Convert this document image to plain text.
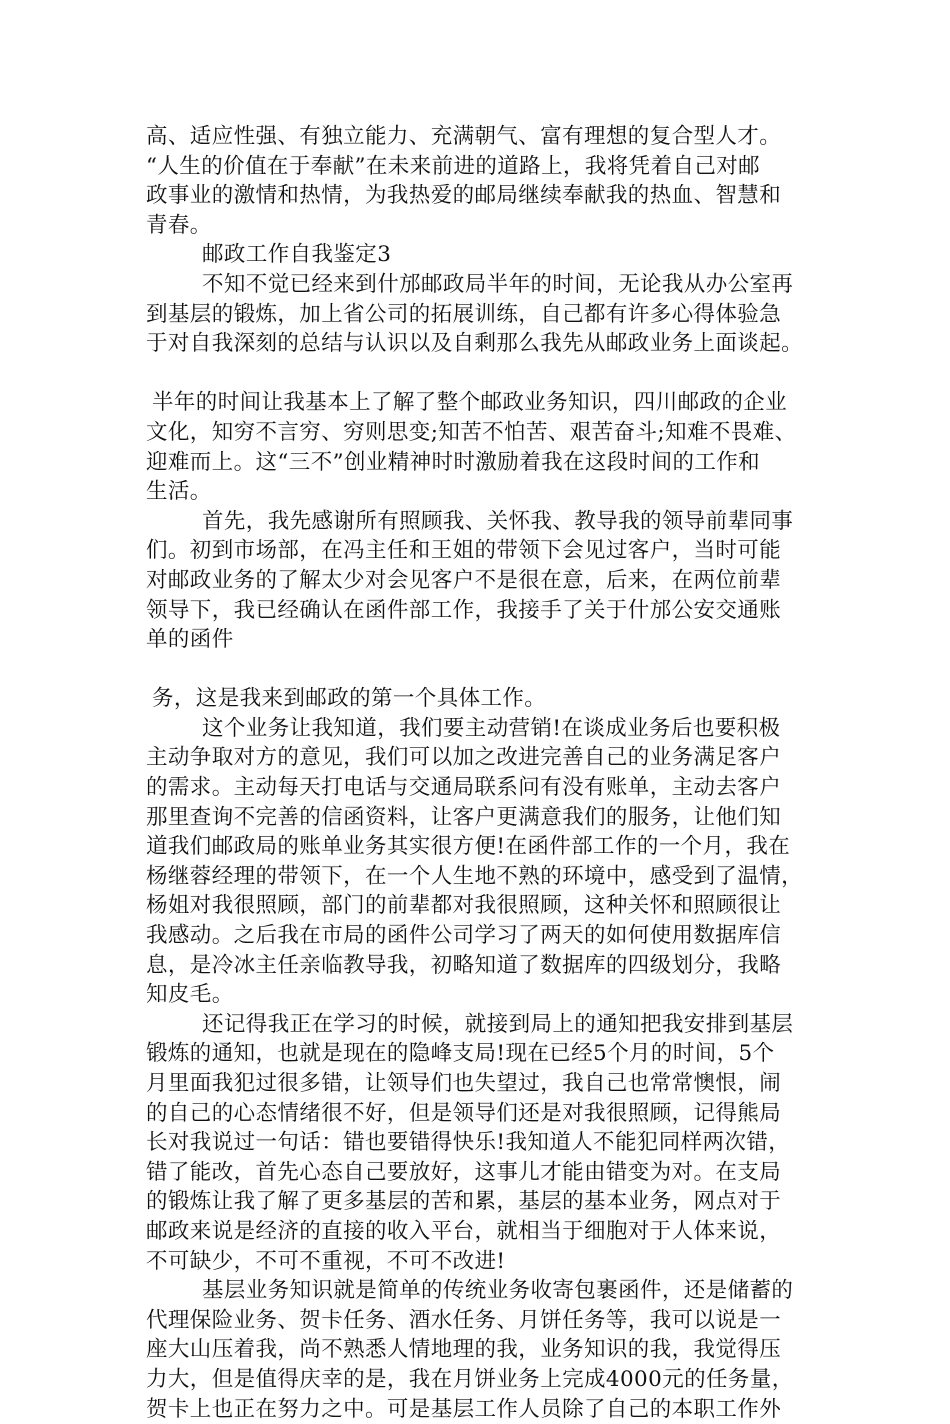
高、适应性强、有独立能力、充满朝气、富有理想的复合型人才。
“人生的价值在于奉献”在未来前进的道路上，我将凭着自己对邮
政事业的激情和热情，为我热爱的邮局继续奉献我的热血、智慧和
青春。
邮政工作自我鉴定3
不知不觉已经来到什邡邮政局半年的时间，无论我从办公室再
到基层的锻炼，加上省公司的拓展训练，自己都有许多心得体验急
于对自我深刻的总结与认识以及自剩那么我先从邮政业务上面谈起。
半年的时间让我基本上了解了整个邮政业务知识，四川邮政的企业
文化，知穷不言穷、穷则思变;知苦不怕苦、艰苦奋斗;知难不畏难、
迎难而上。这“三不”创业精神时时激励着我在这段时间的工作和
生活。
首先，我先感谢所有照顾我、关怀我、教导我的领导前辈同事
们。初到市场部，在冯主任和王姐的带领下会见过客户，当时可能
对邮政业务的了解太少对会见客户不是很在意，后来，在两位前辈
领导下，我已经确认在函件部工作，我接手了关于什邡公安交通账
单的函件
务，这是我来到邮政的第一个具体工作。
这个业务让我知道，我们要主动营销!在谈成业务后也要积极
主动争取对方的意见，我们可以加之改进完善自己的业务满足客户
的需求。主动每天打电话与交通局联系问有没有账单，主动去客户
那里查询不完善的信函资料，让客户更满意我们的服务，让他们知
道我们邮政局的账单业务其实很方便!在函件部工作的一个月，我在
杨继蓉经理的带领下，在一个人生地不熟的环境中，感受到了温情，
杨姐对我很照顾，部门的前辈都对我很照顾，这种关怀和照顾很让
我感动。之后我在市局的函件公司学习了两天的如何使用数据库信
息，是冷冰主任亲临教导我，初略知道了数据库的四级划分，我略
知皮毛。
还记得我正在学习的时候，就接到局上的通知把我安排到基层
锻炼的通知，也就是现在的隐峰支局!现在已经5个月的时间，5个
月里面我犯过很多错，让领导们也失望过，我自己也常常懊恨，闹
的自己的心态情绪很不好，但是领导们还是对我很照顾，记得熊局
长对我说过一句话：错也要错得快乐!我知道人不能犯同样两次错，
错了能改，首先心态自己要放好，这事儿才能由错变为对。在支局
的锻炼让我了解了更多基层的苦和累，基层的基本业务，网点对于
邮政来说是经济的直接的收入平台，就相当于细胞对于人体来说，
不可缺少，不可不重视，不可不改进!
基层业务知识就是简单的传统业务收寄包裹函件，还是储蓄的
代理保险业务、贺卡任务、酒水任务、月饼任务等，我可以说是一
座大山压着我，尚不熟悉人情地理的我，业务知识的我，我觉得压
力大，但是值得庆幸的是，我在月饼业务上完成4000元的任务量，
贺卡上也正在努力之中。可是基层工作人员除了自己的本职工作外
